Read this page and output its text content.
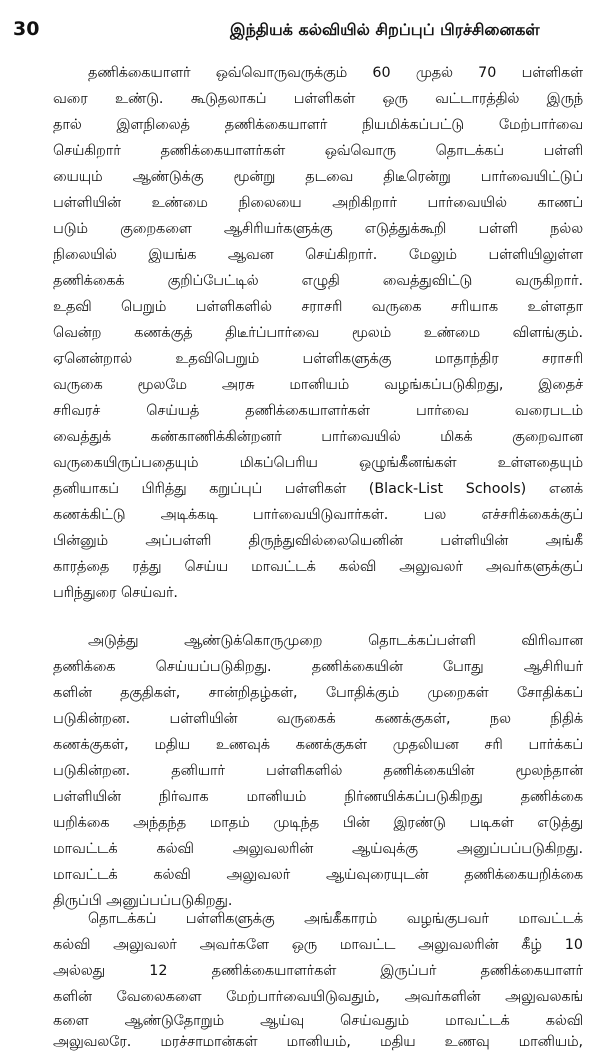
30	இந்தியக் கல்வியில் சிறப்புப் பிரச்சினைகள்
தணிக்கையாளர் ஒவ்வொருவருக்கும் 60 முதல் 70 பள்ளிகள்
வரை உண்டு. கூடுதலாகப் பள்ளிகள் ஒரு வட்டாரத்தில் இருந்
தால் இளநிலைத் தணிக்கையாளர் நியமிக்கப்பட்டு மேற்பார்வை
செய்கிறார் தணிக்கையாளர்கள் ஒவ்வொரு தொடக்கப் பள்ளி
யையும் ஆண்டுக்கு மூன்று தடவை திடீரென்று பார்வையிட்டுப்
பள்ளியின் உண்மை நிலையை அறிகிறார் பார்வையில் காணப்
படும் குறைகளை ஆசிரியர்களுக்கு எடுத்துக்கூறி பள்ளி நல்ல
நிலையில் இயங்க ஆவன செய்கிறார். மேலும் பள்ளியிலுள்ள
தணிக்கைக் குறிப்பேட்டில் எழுதி வைத்துவிட்டு வருகிறார்.
உதவி பெறும் பள்ளிகளில் சராசரி வருகை சரியாக உள்ளதா
வென்ற கணக்குத் திடீர்ப்பார்வை மூலம் உண்மை விளங்கும்.
ஏனென்றால் உதவிபெறும் பள்ளிகளுக்கு மாதாந்திர சராசரி
வருகை மூலமே அரசு மானியம் வழங்கப்படுகிறது, இதைச்
சரிவரச் செய்யத் தணிக்கையாளர்கள் பார்வை வரைபடம்
வைத்துக் கண்காணிக்கின்றனர் பார்வையில் மிகக் குறைவான
வருகையிருப்பதையும் மிகப்பெரிய ஒழுங்கீனங்கள் உள்ளதையும்
தனியாகப் பிரித்து கறுப்புப் பள்ளிகள் (Black-List Schools) எனக்
கணக்கிட்டு அடிக்கடி பார்வையிடுவார்கள். பல எச்சரிக்கைக்குப்
பின்னும் அப்பள்ளி திருந்துவில்லையெனின் பள்ளியின் அங்கீ
காரத்தை ரத்து செய்ய மாவட்டக் கல்வி அலுவலர் அவர்களுக்குப்
பரிந்துரை செய்வர்.
அடுத்து ஆண்டுக்கொருமுறை தொடக்கப்பள்ளி விரிவான
தணிக்கை செய்யப்படுகிறது. தணிக்கையின் போது ஆசிரியர்
களின் தகுதிகள், சான்றிதழ்கள், போதிக்கும் முறைகள் சோதிக்கப்
படுகின்றன. பள்ளியின் வருகைக் கணக்குகள், நல நிதிக்
கணக்குகள், மதிய உணவுக் கணக்குகள் முதலியன சரி பார்க்கப்
படுகின்றன. தனியார் பள்ளிகளில் தணிக்கையின் மூலந்தான்
பள்ளியின் நிர்வாக மானியம் நிர்ணயிக்கப்படுகிறது தணிக்கை
யறிக்கை அந்தந்த மாதம் முடிந்த பின் இரண்டு படிகள் எடுத்து
மாவட்டக் கல்வி அலுவலரின் ஆய்வுக்கு அனுப்பப்படுகிறது.
மாவட்டக் கல்வி அலுவலர் ஆய்வுரையுடன் தணிக்கையறிக்கை
திருப்பி அனுப்பப்படுகிறது.
தொடக்கப் பள்ளிகளுக்கு அங்கீகாரம் வழங்குபவர் மாவட்டக்
கல்வி அலுவலர் அவர்களே ஒரு மாவட்ட அலுவலரின் கீழ் 10
அல்லது 12 தணிக்கையாளர்கள் இருப்பர் தணிக்கையாளர்
களின் வேலைகளை மேற்பார்வையிடுவதும், அவர்களின் அலுவலகங்
களை ஆண்டுதோறும் ஆய்வு செய்வதும் மாவட்டக் கல்வி
அலுவலரே. மரச்சாமான்கள் மானியம், மதிய உணவு மானியம்,
